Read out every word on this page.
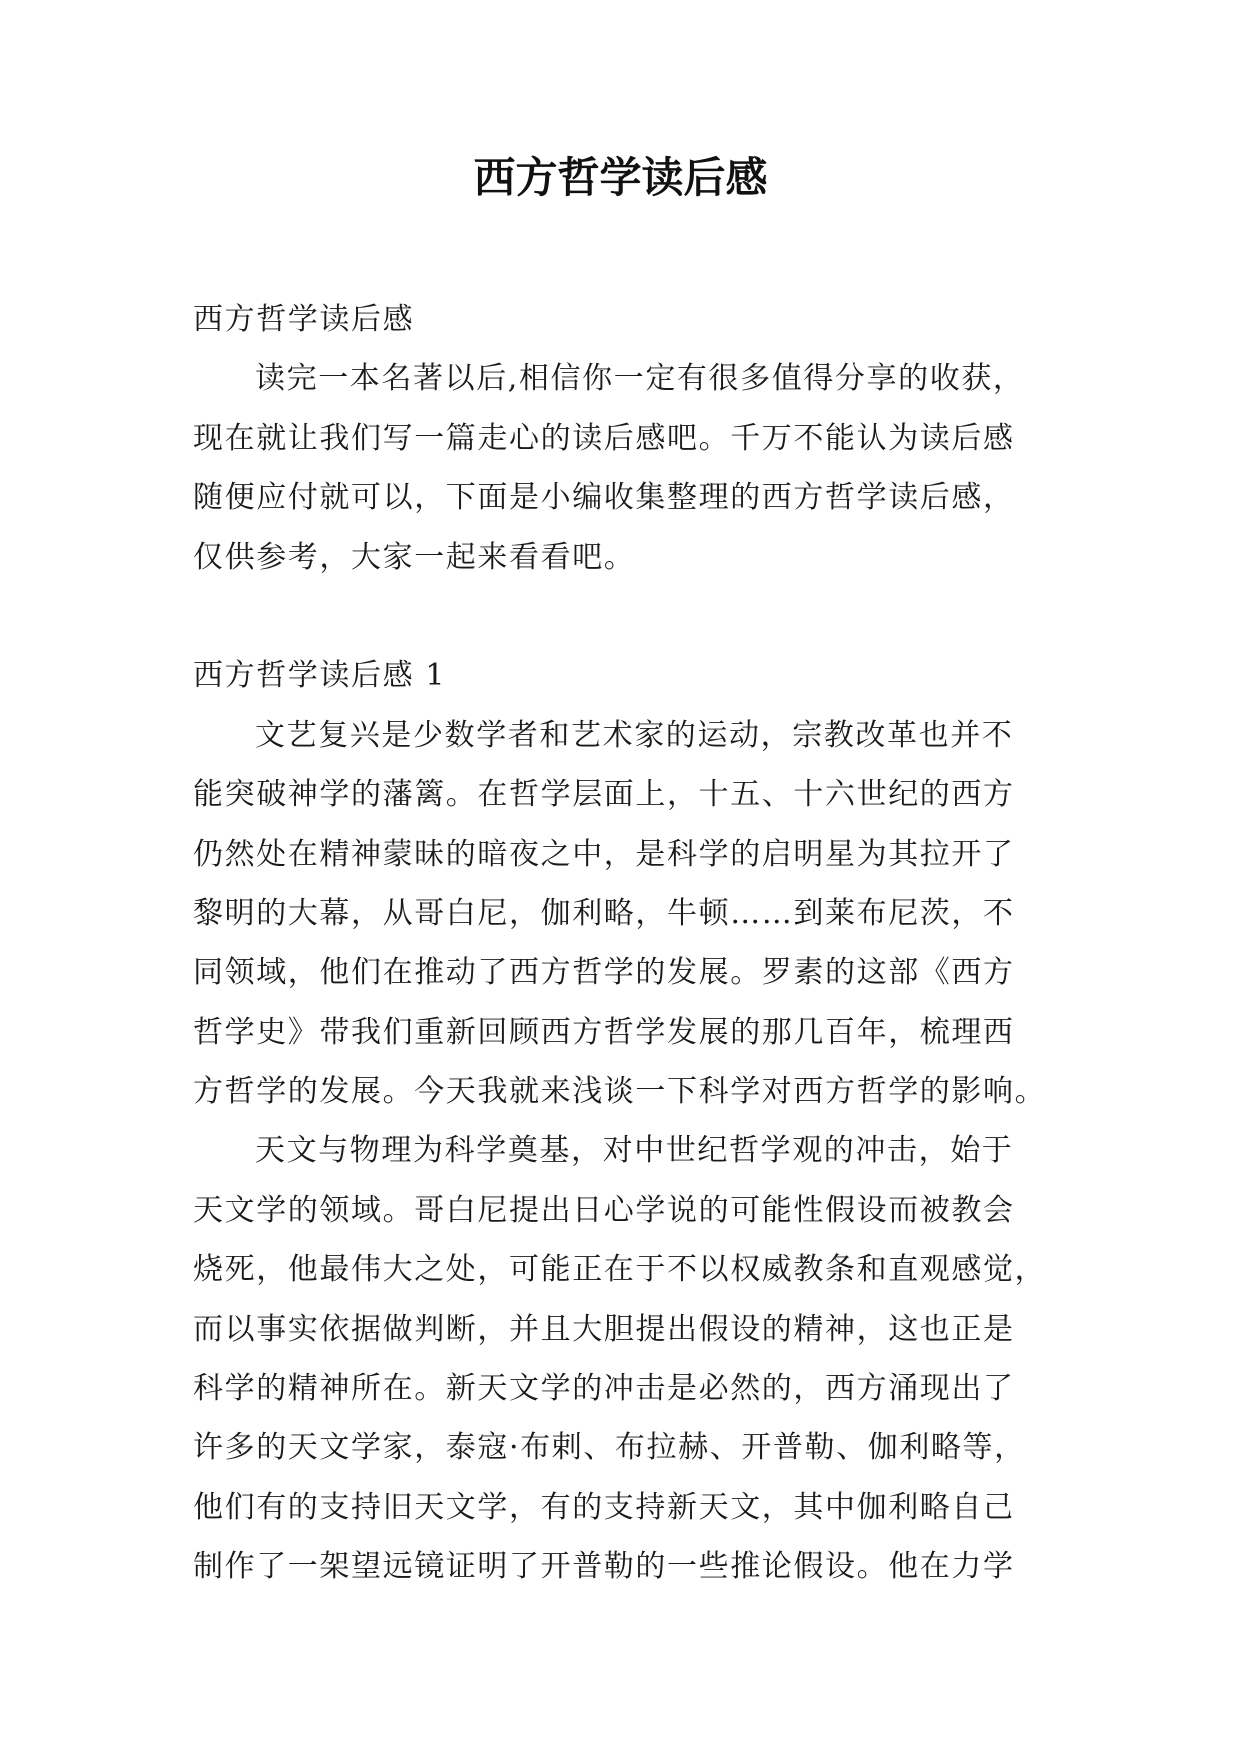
西方哲学读后感
西方哲学读后感
读完一本名著以后,相信你一定有很多值得分享的收获，
现在就让我们写一篇走心的读后感吧。千万不能认为读后感
随便应付就可以，下面是小编收集整理的西方哲学读后感，
仅供参考，大家一起来看看吧。
西方哲学读后感 1
文艺复兴是少数学者和艺术家的运动，宗教改革也并不
能突破神学的藩篱。在哲学层面上，十五、十六世纪的西方
仍然处在精神蒙昧的暗夜之中，是科学的启明星为其拉开了
黎明的大幕，从哥白尼，伽利略，牛顿……到莱布尼茨，不
同领域，他们在推动了西方哲学的发展。罗素的这部《西方
哲学史》带我们重新回顾西方哲学发展的那几百年，梳理西
方哲学的发展。今天我就来浅谈一下科学对西方哲学的影响。
天文与物理为科学奠基，对中世纪哲学观的冲击，始于
天文学的领域。哥白尼提出日心学说的可能性假设而被教会
烧死，他最伟大之处，可能正在于不以权威教条和直观感觉，
而以事实依据做判断，并且大胆提出假设的精神，这也正是
科学的精神所在。新天文学的冲击是必然的，西方涌现出了
许多的天文学家，泰寇·布剌、布拉赫、开普勒、伽利略等，
他们有的支持旧天文学，有的支持新天文，其中伽利略自己
制作了一架望远镜证明了开普勒的一些推论假设。他在力学
